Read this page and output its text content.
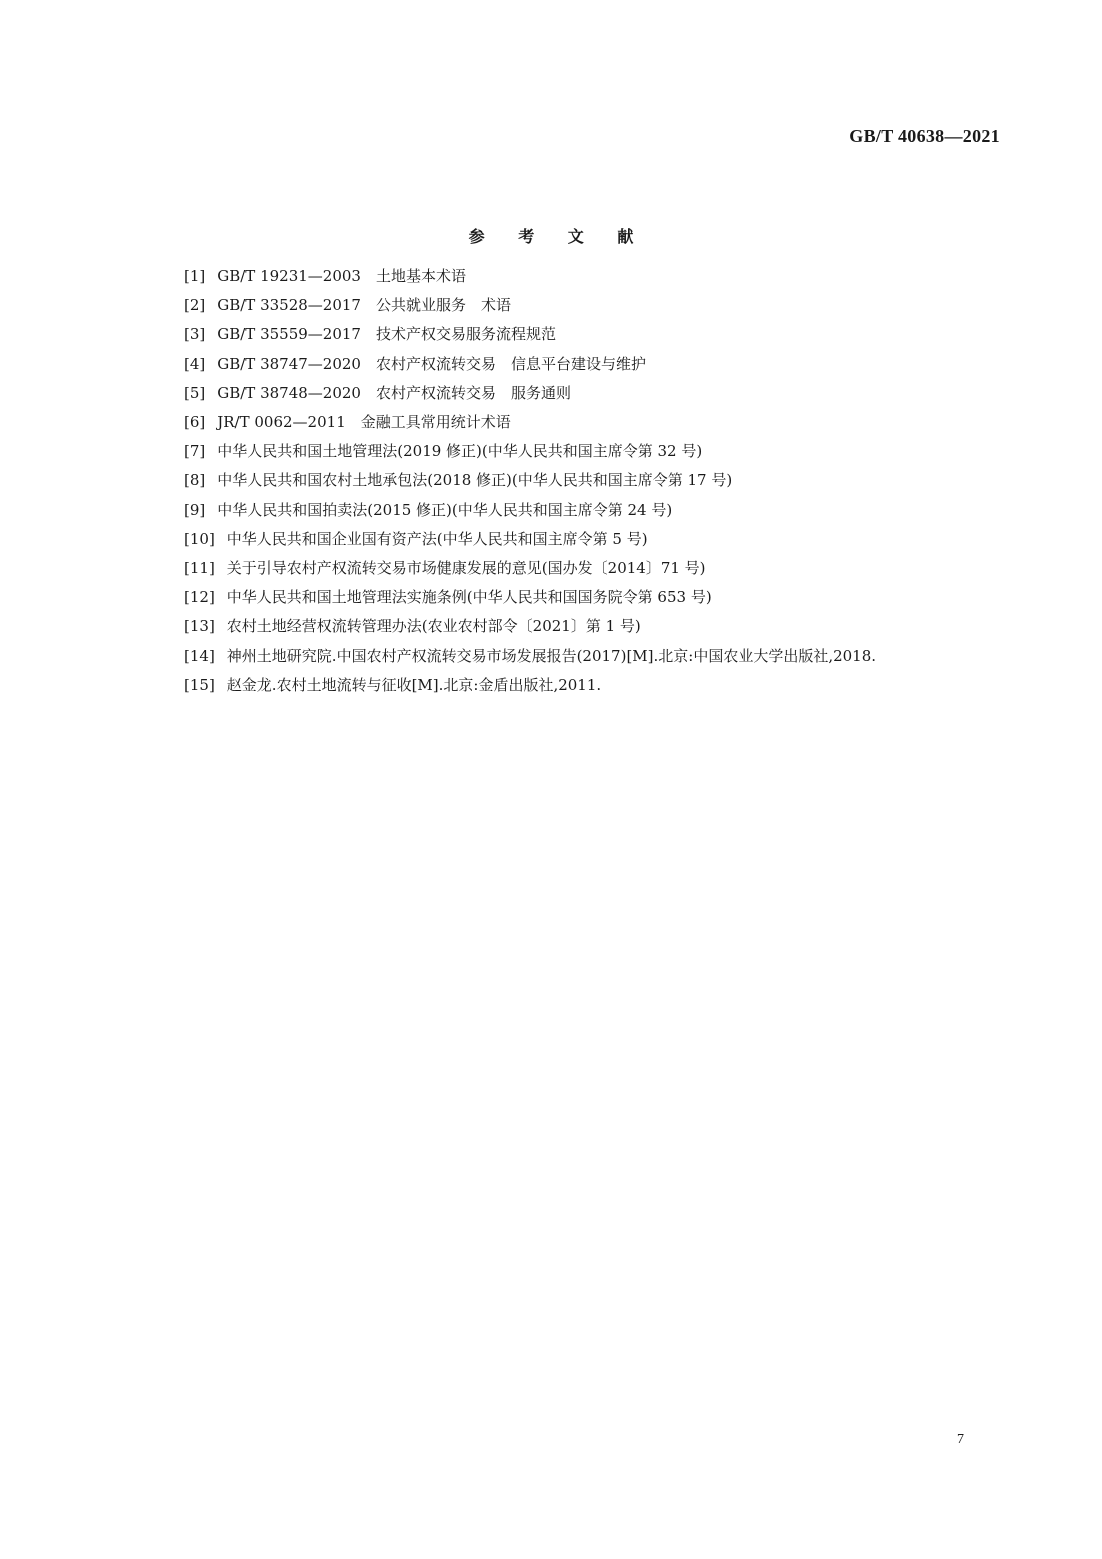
GB/T 40638—2021
参 考 文 献
[1] GB/T 19231—2003　土地基本术语
[2] GB/T 33528—2017　公共就业服务　术语
[3] GB/T 35559—2017　技术产权交易服务流程规范
[4] GB/T 38747—2020　农村产权流转交易　信息平台建设与维护
[5] GB/T 38748—2020　农村产权流转交易　服务通则
[6] JR/T 0062—2011　金融工具常用统计术语
[7] 中华人民共和国土地管理法(2019 修正)(中华人民共和国主席令第 32 号)
[8] 中华人民共和国农村土地承包法(2018 修正)(中华人民共和国主席令第 17 号)
[9] 中华人民共和国拍卖法(2015 修正)(中华人民共和国主席令第 24 号)
[10] 中华人民共和国企业国有资产法(中华人民共和国主席令第 5 号)
[11] 关于引导农村产权流转交易市场健康发展的意见(国办发〔2014〕71 号)
[12] 中华人民共和国土地管理法实施条例(中华人民共和国国务院令第 653 号)
[13] 农村土地经营权流转管理办法(农业农村部令〔2021〕第 1 号)
[14] 神州土地研究院.中国农村产权流转交易市场发展报告(2017)[M].北京:中国农业大学出版社,2018.
[15] 赵金龙.农村土地流转与征收[M].北京:金盾出版社,2011.
7
